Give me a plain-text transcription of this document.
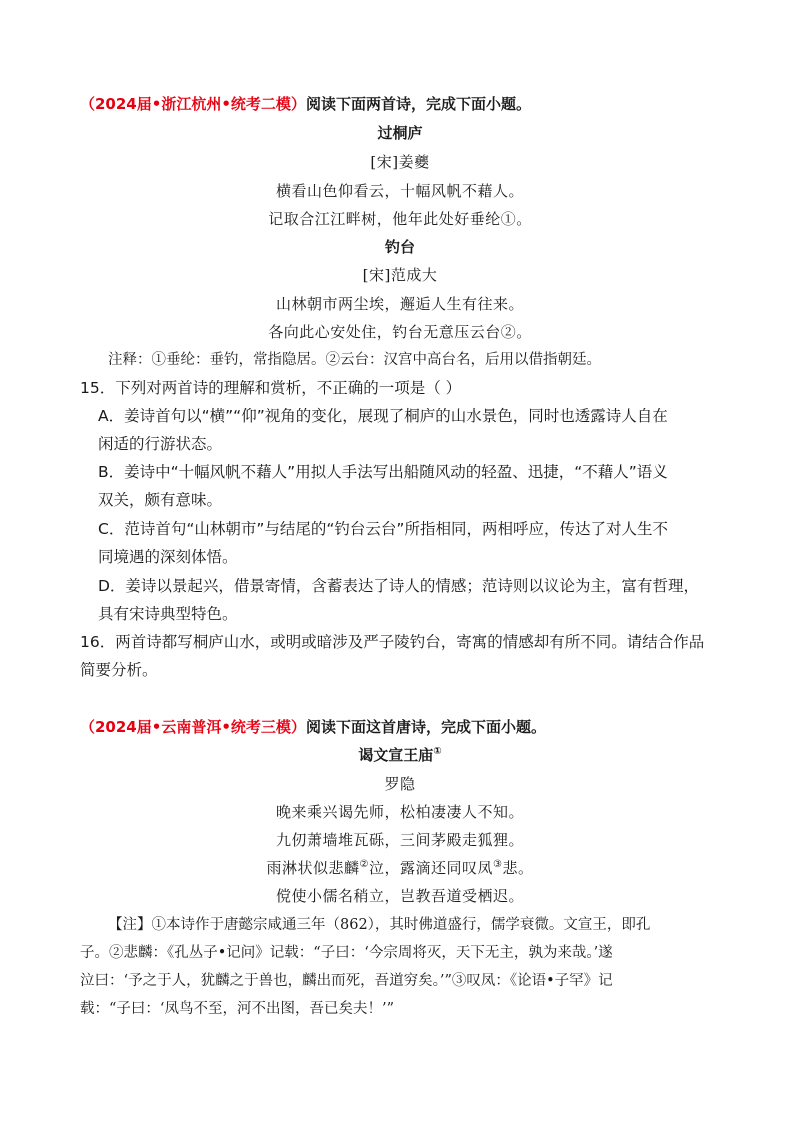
（2024届•浙江杭州•统考二模）阅读下面两首诗，完成下面小题。
过桐庐
[宋]姜夔
横看山色仰看云，十幅风帆不藉人。
记取合江江畔树，他年此处好垂纶①。
钓台
[宋]范成大
山林朝市两尘埃，邂逅人生有往来。
各向此心安处住，钓台无意压云台②。
注释：①垂纶：垂钓，常指隐居。②云台：汉宫中高台名，后用以借指朝廷。
15．下列对两首诗的理解和赏析，不正确的一项是（ ）
A．姜诗首句以“横”“仰”视角的变化，展现了桐庐的山水景色，同时也透露诗人自在
闲适的行游状态。
B．姜诗中“十幅风帆不藉人”用拟人手法写出船随风动的轻盈、迅捷，“不藉人”语义
双关，颇有意味。
C．范诗首句“山林朝市”与结尾的“钓台云台”所指相同，两相呼应，传达了对人生不
同境遇的深刻体悟。
D．姜诗以景起兴，借景寄情，含蓄表达了诗人的情感；范诗则以议论为主，富有哲理，
具有宋诗典型特色。
16．两首诗都写桐庐山水，或明或暗涉及严子陵钓台，寄寓的情感却有所不同。请结合作品
简要分析。
（2024届•云南普洱•统考三模）阅读下面这首唐诗，完成下面小题。
谒文宣王庙①
罗隐
晚来乘兴谒先师，松柏凄凄人不知。
九仞萧墙堆瓦砾，三间茅殿走狐狸。
雨淋状似悲麟②泣，露滴还同叹凤③悲。
傥使小儒名稍立，岂教吾道受栖迟。
【注】①本诗作于唐懿宗咸通三年（862），其时佛道盛行，儒学衰微。文宣王，即孔
子。②悲麟：《孔丛子•记问》记载：“子曰：‘今宗周将灭，天下无主，孰为来哉。’遂
泣曰：‘予之于人，犹麟之于兽也，麟出而死，吾道穷矣。’”③叹凤：《论语•子罕》记
载：“子曰：‘凤鸟不至，河不出图，吾已矣夫！’”
